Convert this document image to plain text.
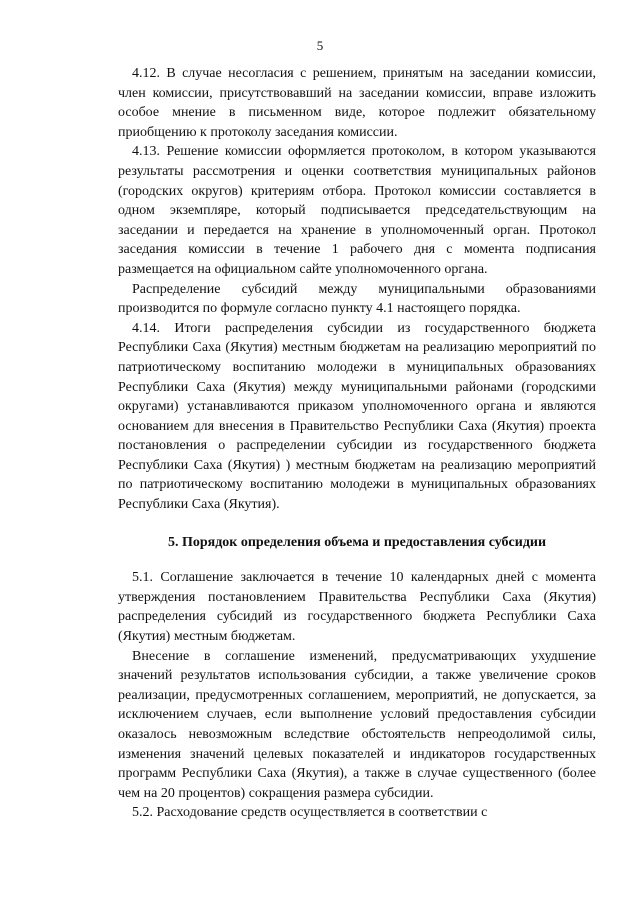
5

4.12. В случае несогласия с решением, принятым на заседании комиссии, член комиссии, присутствовавший на заседании комиссии, вправе изложить особое мнение в письменном виде, которое подлежит обязательному приобщению к протоколу заседания комиссии.

4.13. Решение комиссии оформляется протоколом, в котором указываются результаты рассмотрения и оценки соответствия муниципальных районов (городских округов) критериям отбора. Протокол комиссии составляется в одном экземпляре, который подписывается председательствующим на заседании и передается на хранение в уполномоченный орган. Протокол заседания комиссии в течение 1 рабочего дня с момента подписания размещается на официальном сайте уполномоченного органа.

Распределение субсидий между муниципальными образованиями производится по формуле согласно пункту 4.1 настоящего порядка.

4.14. Итоги распределения субсидии из государственного бюджета Республики Саха (Якутия) местным бюджетам на реализацию мероприятий по патриотическому воспитанию молодежи в муниципальных образованиях Республики Саха (Якутия) между муниципальными районами (городскими округами) устанавливаются приказом уполномоченного органа и являются основанием для внесения в Правительство Республики Саха (Якутия) проекта постановления о распределении субсидии из государственного бюджета Республики Саха (Якутия) ) местным бюджетам на реализацию мероприятий по патриотическому воспитанию молодежи в муниципальных образованиях Республики Саха (Якутия).

5. Порядок определения объема и предоставления субсидии

5.1. Соглашение заключается в течение 10 календарных дней с момента утверждения постановлением Правительства Республики Саха (Якутия) распределения субсидий из государственного бюджета Республики Саха (Якутия) местным бюджетам.

Внесение в соглашение изменений, предусматривающих ухудшение значений результатов использования субсидии, а также увеличение сроков реализации, предусмотренных соглашением, мероприятий, не допускается, за исключением случаев, если выполнение условий предоставления субсидии оказалось невозможным вследствие обстоятельств непреодолимой силы, изменения значений целевых показателей и индикаторов государственных программ Республики Саха (Якутия), а также в случае существенного (более чем на 20 процентов) сокращения размера субсидии.

5.2. Расходование средств осуществляется в соответствии с
